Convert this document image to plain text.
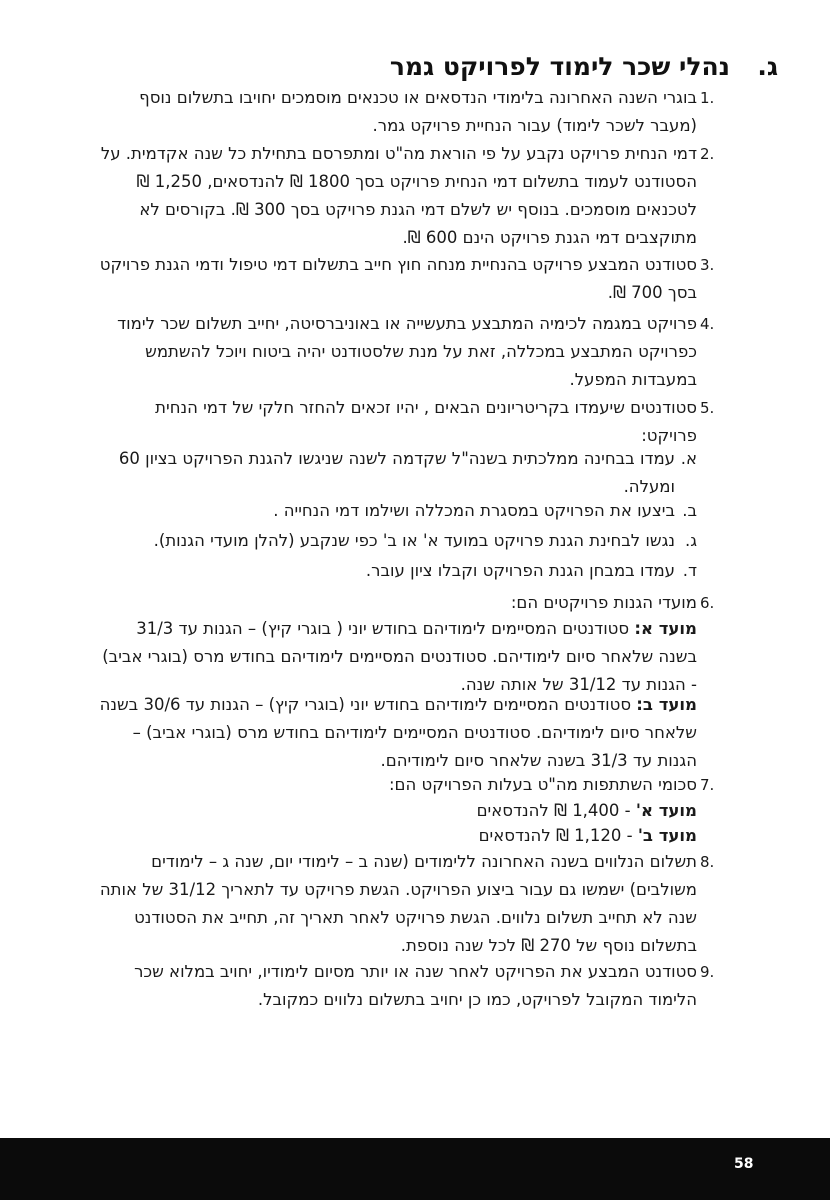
ג.נהלי שכר לימוד לפרויקט גמר
1.
בוגרי השנה האחרונה בלימודי הנדסאים או טכנאים מוסמכים יחויבו בתשלום נוסף (מעבר לשכר לימוד) עבור הנחיית פרויקט גמר.
2.
דמי הנחית פרויקט נקבע על פי הוראת מה"ט ומתפרסם בתחילת כל שנה אקדמית. על הסטודנט לעמוד בתשלום דמי הנחית פרויקט בסך 1800 ₪ להנדסאים, 1,250 ₪ לטכנאים מוסמכים. בנוסף יש לשלם דמי הגנת פרויקט בסך 300 ₪. בקורסים לא מתוקצבים דמי הגנת פרויקט הינם 600 ₪.
3.
סטודנט המבצע פרויקט בהנחיית מנחה חוץ חייב בתשלום דמי טיפול ודמי הגנת פרויקט בסך 700 ₪.
4.
פרויקט במגמה לכימיה המתבצע בתעשייה או באוניברסיטה, יחייב תשלום שכר לימוד כפרויקט המתבצע במכללה, זאת על מנת שלסטודנט יהיה ביטוח ויוכל להשתמש במעבדות המפעל.
5.
סטודנטים שיעמדו בקריטריונים הבאים , יהיו זכאים להחזר חלקי של דמי הנחית פרויקט:
א.
עמדו בבחינה ממלכתית בשנה"ל שקדמה לשנה שניגשו להגנת הפרויקט בציון 60 ומעלה.
ב.
ביצעו את הפרויקט במסגרת המכללה ושילמו דמי הנחייה .
ג.
נגשו לבחינת הגנת פרויקט במועד א' או ב' כפי שנקבע (להלן מועדי הגנות).
ד.
עמדו במבחן הגנת הפרויקט וקבלו ציון עובר.
6.
מועדי הגנות פרויקטים הם:
מועד א: סטודנטים המסיימים לימודיהם בחודש יוני ( בוגרי קיץ) – הגנות עד 31/3 בשנה שלאחר סיום לימודיהם. סטודנטים המסיימים לימודיהם בחודש מרס (בוגרי אביב) - הגנות עד 31/12 של אותה שנה.
מועד ב: סטודנטים המסיימים לימודיהם בחודש יוני (בוגרי קיץ) – הגנות עד 30/6 בשנה שלאחר סיום לימודיהם. סטודנטים המסיימים לימודיהם בחודש מרס (בוגרי אביב) – הגנות עד 31/3 בשנה שלאחר סיום לימודיהם.
7.
סכומי השתתפות מה"ט בעלות הפרויקט הם:
מועד א' - 1,400 ₪ להנדסאים
מועד ב' - 1,120 ₪ להנדסאים
8.
תשלום הנלווים בשנה האחרונה ללימודים (שנה ב – לימודי יום, שנה ג – לימודים משולבים) ישמשו גם עבור ביצוע הפרויקט. הגשת פרויקט עד לתאריך 31/12 של אותה שנה לא תחייב תשלום נלווים. הגשת פרויקט לאחר תאריך זה, תחייב את הסטודנט בתשלום נוסף של 270 ₪ לכל שנה נוספת.
9.
סטודנט המבצע את הפרויקט לאחר שנה או יותר מסיום לימודיו, יחויב במלוא שכר הלימוד המקובל לפרויקט, כמו כן יחויב בתשלום נלווים כמקובל.
58
